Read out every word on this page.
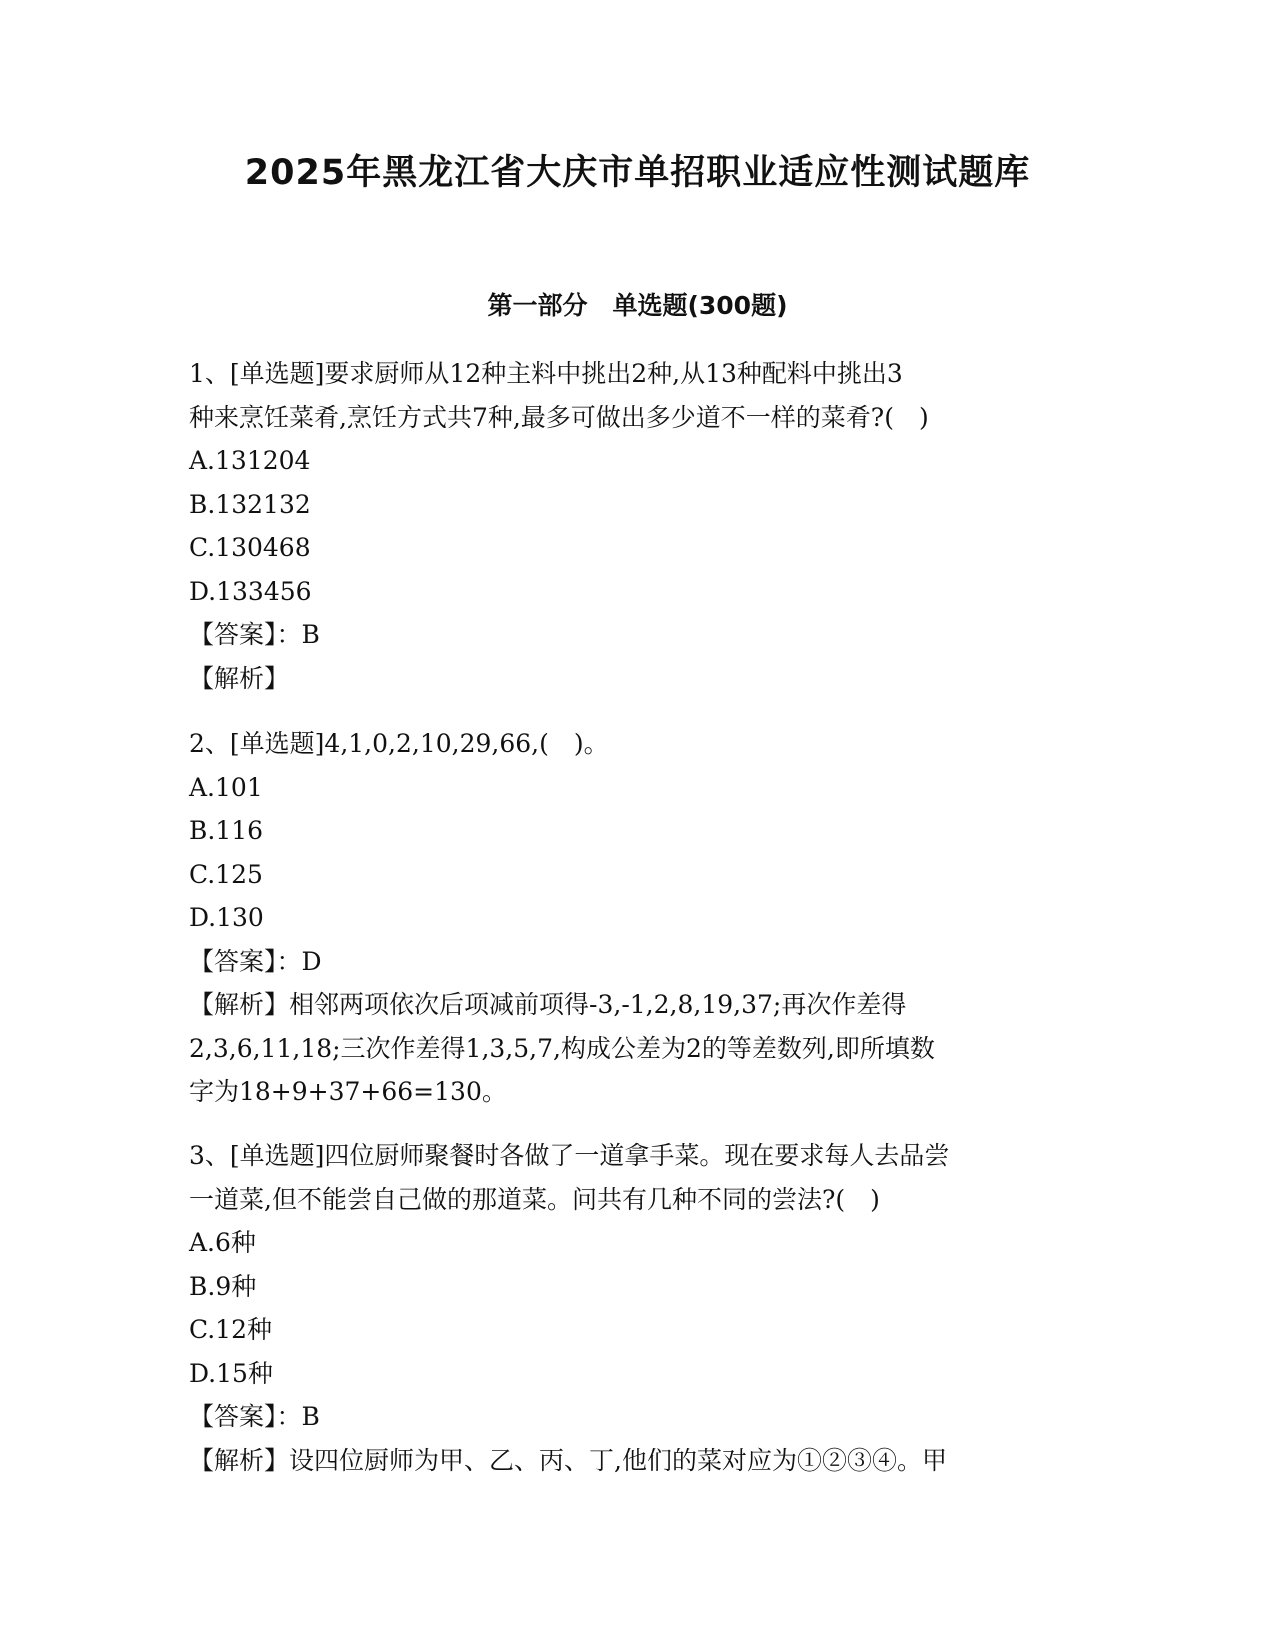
2025年黑龙江省大庆市单招职业适应性测试题库
第一部分　单选题(300题)
1、[单选题]要求厨师从12种主料中挑出2种,从13种配料中挑出3
种来烹饪菜肴,烹饪方式共7种,最多可做出多少道不一样的菜肴?(　)
A.131204
B.132132
C.130468
D.133456
【答案】：B
【解析】
2、[单选题]4,1,0,2,10,29,66,(　)。
A.101
B.116
C.125
D.130
【答案】：D
【解析】相邻两项依次后项减前项得-3,-1,2,8,19,37;再次作差得
2,3,6,11,18;三次作差得1,3,5,7,构成公差为2的等差数列,即所填数
字为18+9+37+66=130。
3、[单选题]四位厨师聚餐时各做了一道拿手菜。现在要求每人去品尝
一道菜,但不能尝自己做的那道菜。问共有几种不同的尝法?(　)
A.6种
B.9种
C.12种
D.15种
【答案】：B
【解析】设四位厨师为甲、乙、丙、丁,他们的菜对应为①②③④。甲
